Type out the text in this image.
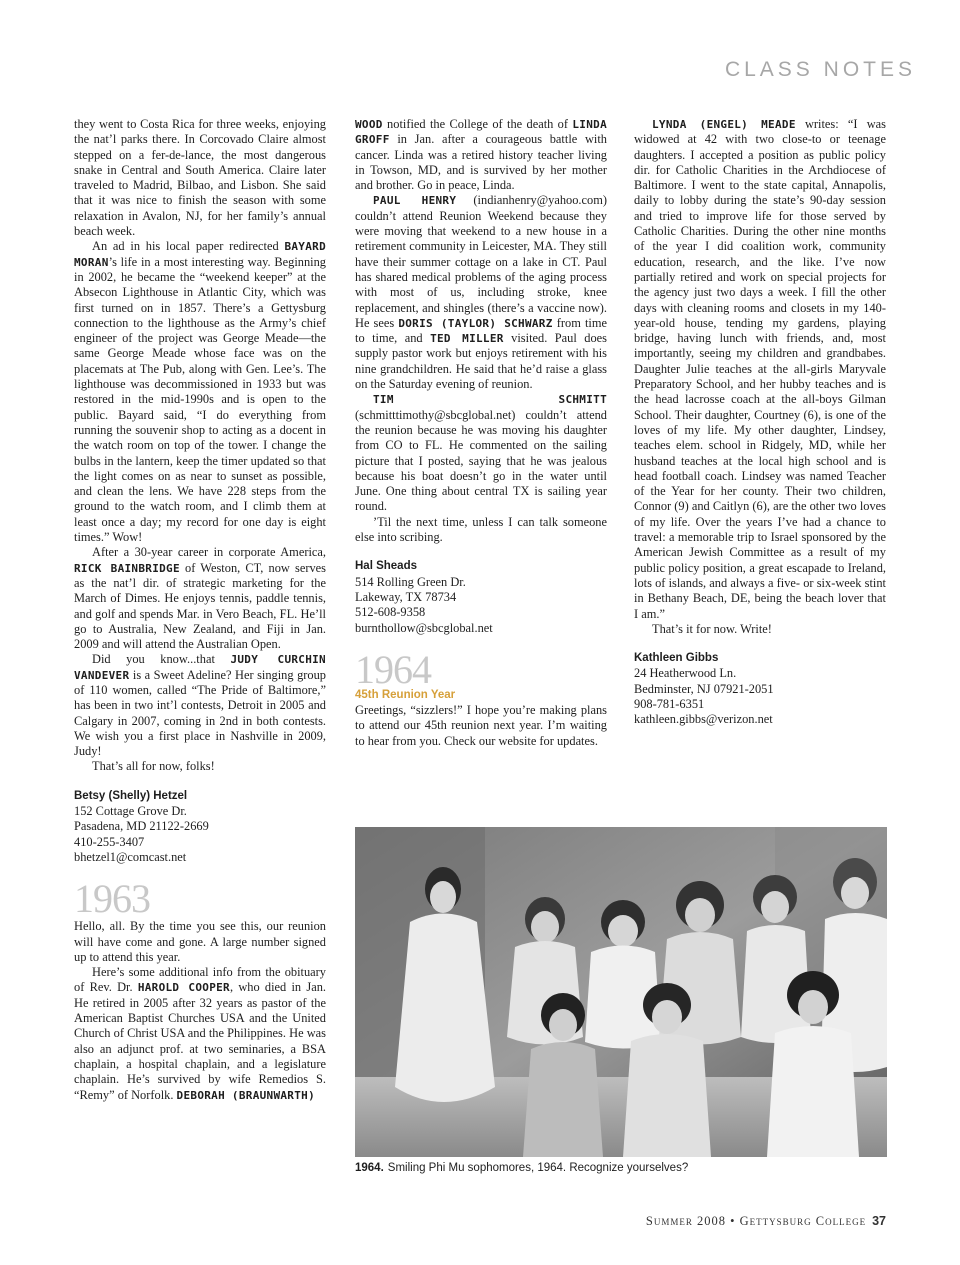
CLASS NOTES

they went to Costa Rica for three weeks, enjoying the nat’l parks there. In Corcovado Claire almost stepped on a fer-de-lance, the most dangerous snake in Central and South America. Claire later traveled to Madrid, Bilbao, and Lisbon. She said that it was nice to finish the season with some relaxation in Avalon, NJ, for her family’s annual beach week.

An ad in his local paper redirected BAYARD MORAN’s life in a most interesting way. Beginning in 2002, he became the “weekend keeper” at the Absecon Lighthouse in Atlantic City, which was first turned on in 1857. There’s a Gettysburg connection to the lighthouse as the Army’s chief engineer of the project was George Meade—the same George Meade whose face was on the placemats at The Pub, along with Gen. Lee’s. The lighthouse was decommissioned in 1933 but was restored in the mid-1990s and is open to the public. Bayard said, “I do everything from running the souvenir shop to acting as a docent in the watch room on top of the tower. I change the bulbs in the lantern, keep the timer updated so that the light comes on as near to sunset as possible, and clean the lens. We have 228 steps from the ground to the watch room, and I climb them at least once a day; my record for one day is eight times.” Wow!

After a 30-year career in corporate America, RICK BAINBRIDGE of Weston, CT, now serves as the nat’l dir. of strategic marketing for the March of Dimes. He enjoys tennis, paddle tennis, and golf and spends Mar. in Vero Beach, FL. He’ll go to Australia, New Zealand, and Fiji in Jan. 2009 and will attend the Australian Open.

Did you know...that JUDY CURCHIN VANDEVER is a Sweet Adeline? Her singing group of 110 women, called “The Pride of Baltimore,” has been in two int’l contests, Detroit in 2005 and Calgary in 2007, coming in 2nd in both contests. We wish you a first place in Nashville in 2009, Judy!

That’s all for now, folks!

Betsy (Shelly) Hetzel
152 Cottage Grove Dr.
Pasadena, MD 21122-2669
410-255-3407
bhetzel1@comcast.net
1963

Hello, all. By the time you see this, our reunion will have come and gone. A large number signed up to attend this year.

Here’s some additional info from the obituary of Rev. Dr. HAROLD COOPER, who died in Jan. He retired in 2005 after 32 years as pastor of the American Baptist Churches USA and the United Church of Christ USA and the Philippines. He was also an adjunct prof. at two seminaries, a BSA chaplain, a hospital chaplain, and a legislature chaplain. He’s survived by wife Remedios S. “Remy” of Norfolk. DEBORAH (BRAUNWARTH)

WOOD notified the College of the death of LINDA GROFF in Jan. after a courageous battle with cancer. Linda was a retired history teacher living in Towson, MD, and is survived by her mother and brother. Go in peace, Linda.

PAUL HENRY (indianhenry@yahoo.com) couldn’t attend Reunion Weekend because they were moving that weekend to a new house in a retirement community in Leicester, MA. They still have their summer cottage on a lake in CT. Paul has shared medical problems of the aging process with most of us, including stroke, knee replacement, and shingles (there’s a vaccine now). He sees DORIS (TAYLOR) SCHWARZ from time to time, and TED MILLER visited. Paul does supply pastor work but enjoys retirement with his nine grandchildren. He said that he’d raise a glass on the Saturday evening of reunion.

TIM SCHMITT (schmitttimothy@sbcglobal.net) couldn’t attend the reunion because he was moving his daughter from CO to FL. He commented on the sailing picture that I posted, saying that he was jealous because his boat doesn’t go in the water until June. One thing about central TX is sailing year round.

’Til the next time, unless I can talk someone else into scribing.

Hal Sheads
514 Rolling Green Dr.
Lakeway, TX 78734
512-608-9358
burnthollow@sbcglobal.net
1964
45th Reunion Year

Greetings, “sizzlers!” I hope you’re making plans to attend our 45th reunion next year. I’m waiting to hear from you. Check our website for updates.

LYNDA (ENGEL) MEADE writes: “I was widowed at 42 with two close-to or teenage daughters. I accepted a position as public policy dir. for Catholic Charities in the Archdiocese of Baltimore. I went to the state capital, Annapolis, daily to lobby during the state’s 90-day session and tried to improve life for those served by Catholic Charities. During the other nine months of the year I did coalition work, community education, research, and the like. I’ve now partially retired and work on special projects for the agency just two days a week. I fill the other days with cleaning rooms and closets in my 140-year-old house, tending my gardens, playing bridge, having lunch with friends, and, most importantly, seeing my children and grandbabes. Daughter Julie teaches at the all-girls Maryvale Preparatory School, and her hubby teaches and is the head lacrosse coach at the all-boys Gilman School. Their daughter, Courtney (6), is one of the loves of my life. My other daughter, Lindsey, teaches elem. school in Ridgely, MD, while her husband teaches at the local high school and is head football coach. Lindsey was named Teacher of the Year for her county. Their two children, Connor (9) and Caitlyn (6), are the other two loves of my life. Over the years I’ve had a chance to travel: a memorable trip to Israel sponsored by the American Jewish Committee as a result of my public policy position, a great escapade to Ireland, lots of islands, and always a five- or six-week stint in Bethany Beach, DE, being the beach lover that I am.”

That’s it for now. Write!

Kathleen Gibbs
24 Heatherwood Ln.
Bedminster, NJ 07921-2051
908-781-6351
kathleen.gibbs@verizon.net
1964. Smiling Phi Mu sophomores, 1964. Recognize yourselves?
Summer 2008 • Gettysburg College 37
